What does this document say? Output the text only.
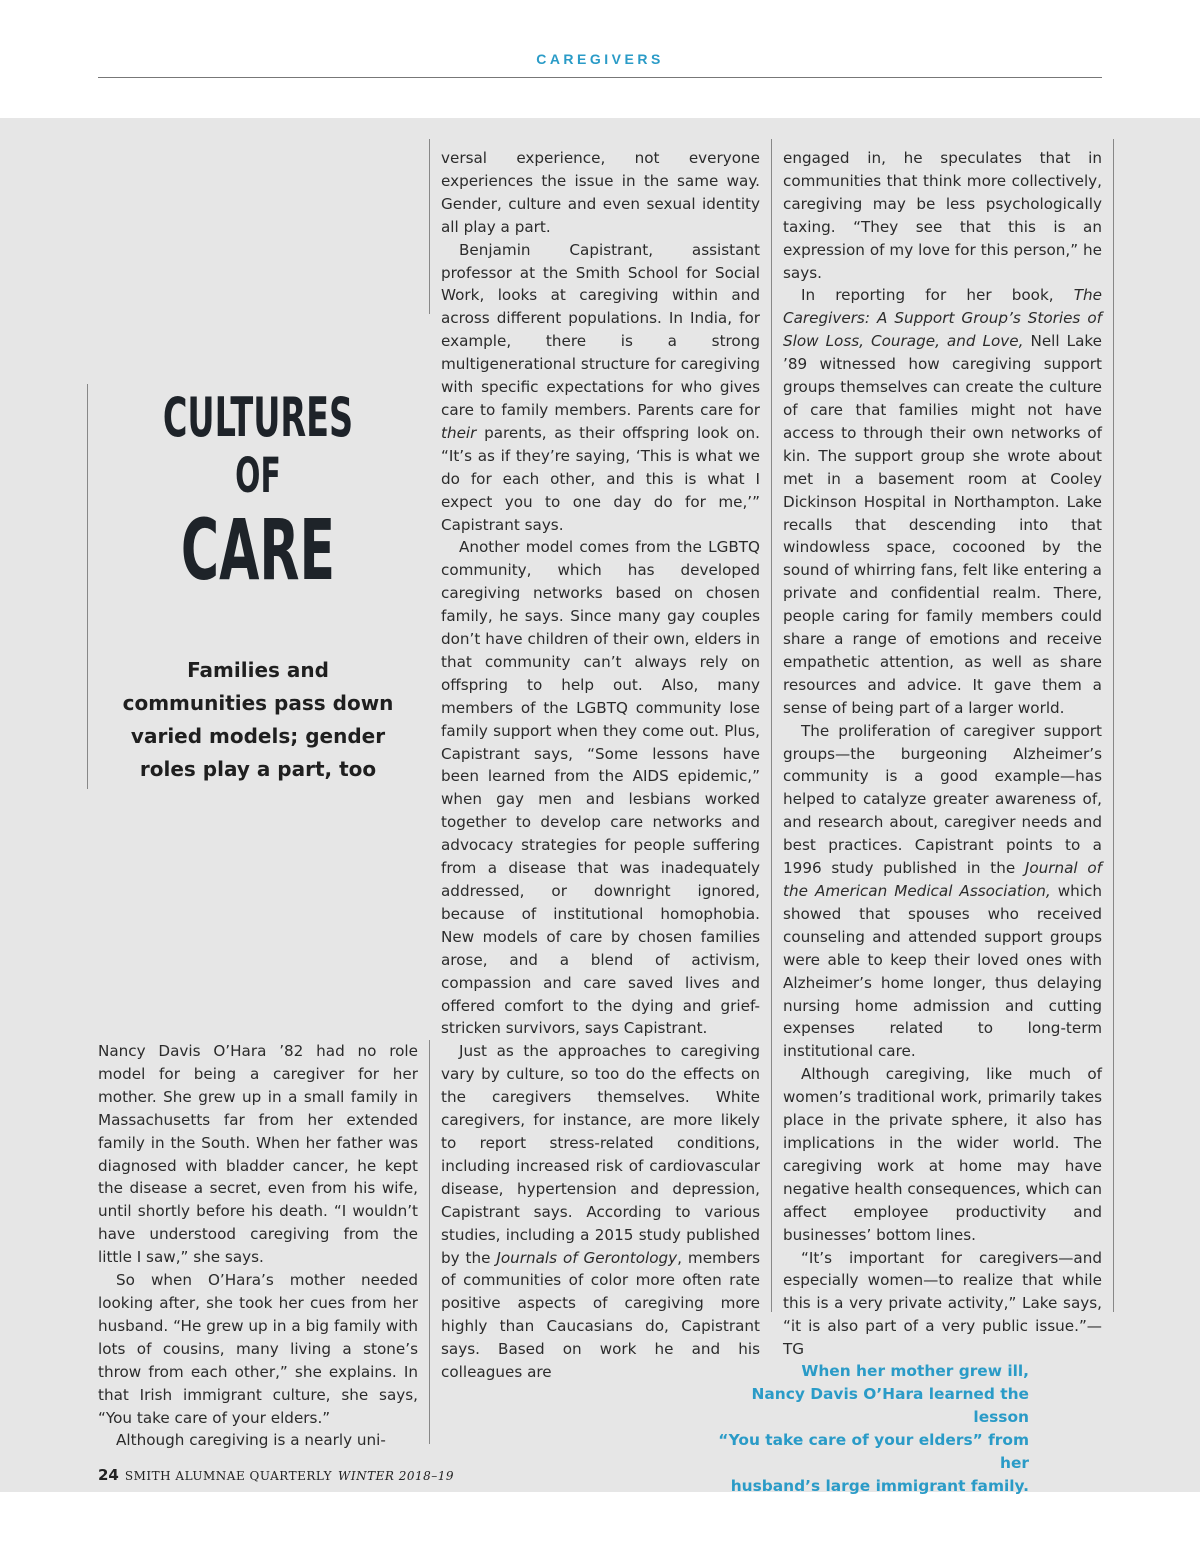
CAREGIVERS
CULTURES
OF
CARE
Families and communities pass down varied models; gender roles play a part, too

Nancy Davis O’Hara ’82 had no role model for being a caregiver for her mother. She grew up in a small family in Massachusetts far from her extended family in the South. When her father was diagnosed with bladder cancer, he kept the disease a secret, even from his wife, until shortly before his death. “I wouldn’t have understood caregiving from the little I saw,” she says.

So when O’Hara’s mother needed looking after, she took her cues from her husband. “He grew up in a big family with lots of cousins, many living a stone’s throw from each other,” she explains. In that Irish immigrant culture, she says, “You take care of your elders.”

Although caregiving is a nearly uni-

versal experience, not everyone experiences the issue in the same way. Gender, culture and even sexual identity all play a part.

Benjamin Capistrant, assistant professor at the Smith School for Social Work, looks at caregiving within and across different populations. In India, for example, there is a strong multigenerational structure for caregiving with specific expectations for who gives care to family members. Parents care for their parents, as their offspring look on. “It’s as if they’re saying, ‘This is what we do for each other, and this is what I expect you to one day do for me,’” Capistrant says.

Another model comes from the LGBTQ community, which has developed caregiving networks based on chosen family, he says. Since many gay couples don’t have children of their own, elders in that community can’t always rely on offspring to help out. Also, many members of the LGBTQ community lose family support when they come out. Plus, Capistrant says, “Some lessons have been learned from the AIDS epidemic,” when gay men and lesbians worked together to develop care networks and advocacy strategies for people suffering from a disease that was inadequately addressed, or downright ignored, because of institutional homophobia. New models of care by chosen families arose, and a blend of activism, compassion and care saved lives and offered comfort to the dying and grief-stricken survivors, says Capistrant.

Just as the approaches to caregiving vary by culture, so too do the effects on the caregivers themselves. White caregivers, for instance, are more likely to report stress-related conditions, including increased risk of cardiovascular disease, hypertension and depression, Capistrant says. According to various studies, including a 2015 study published by the Journals of Gerontology, members of communities of color more often rate positive aspects of caregiving more highly than Caucasians do, Capistrant says. Based on work he and his colleagues are

engaged in, he speculates that in communities that think more collectively, caregiving may be less psychologically taxing. “They see that this is an expression of my love for this person,” he says.

In reporting for her book, The Caregivers: A Support Group’s Stories of Slow Loss, Courage, and Love, Nell Lake ’89 witnessed how caregiving support groups themselves can create the culture of care that families might not have access to through their own networks of kin. The support group she wrote about met in a basement room at Cooley Dickinson Hospital in Northampton. Lake recalls that descending into that windowless space, cocooned by the sound of whirring fans, felt like entering a private and confidential realm. There, people caring for family members could share a range of emotions and receive empathetic attention, as well as share resources and advice. It gave them a sense of being part of a larger world.

The proliferation of caregiver support groups—the burgeoning Alzheimer’s community is a good example—has helped to catalyze greater awareness of, and research about, caregiver needs and best practices. Capistrant points to a 1996 study published in the Journal of the American Medical Association, which showed that spouses who received counseling and attended support groups were able to keep their loved ones with Alzheimer’s home longer, thus delaying nursing home admission and cutting expenses related to long-term institutional care.

Although caregiving, like much of women’s traditional work, primarily takes place in the private sphere, it also has implications in the wider world. The caregiving work at home may have negative health consequences, which can affect employee productivity and businesses’ bottom lines.

“It’s important for caregivers—and especially women—to realize that while this is a very private activity,” Lake says, “it is also part of a very public issue.”—TG

When her mother grew ill,
Nancy Davis O’Hara learned the lesson
“You take care of your elders” from her
husband’s large immigrant family.
24 SMITH ALUMNAE QUARTERLY WINTER 2018–19
